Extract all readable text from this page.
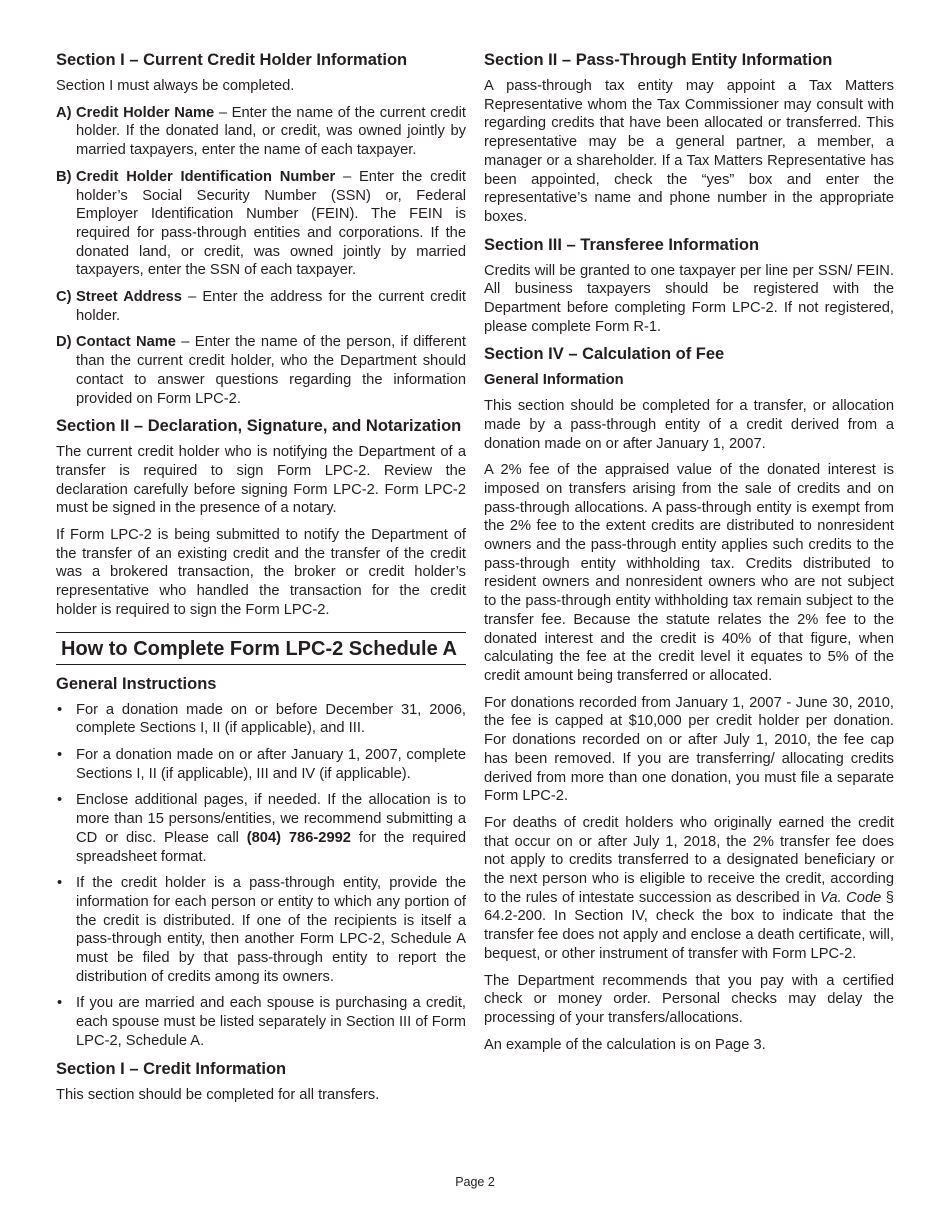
Section I – Current Credit Holder Information

Section I must always be completed.

A) Credit Holder Name – Enter the name of the current credit holder. If the donated land, or credit, was owned jointly by married taxpayers, enter the name of each taxpayer.

B) Credit Holder Identification Number – Enter the credit holder’s Social Security Number (SSN) or, Federal Employer Identification Number (FEIN). The FEIN is required for pass-through entities and corporations. If the donated land, or credit, was owned jointly by married taxpayers, enter the SSN of each taxpayer.

C) Street Address – Enter the address for the current credit holder.

D) Contact Name – Enter the name of the person, if different than the current credit holder, who the Department should contact to answer questions regarding the information provided on Form LPC-2.

Section II – Declaration, Signature, and Notarization

The current credit holder who is notifying the Department of a transfer is required to sign Form LPC-2. Review the declaration carefully before signing Form LPC-2. Form LPC-2 must be signed in the presence of a notary.

If Form LPC-2 is being submitted to notify the Department of the transfer of an existing credit and the transfer of the credit was a brokered transaction, the broker or credit holder’s representative who handled the transaction for the credit holder is required to sign the Form LPC-2.

How to Complete Form LPC-2 Schedule A
General Instructions
• For a donation made on or before December 31, 2006, complete Sections I, II (if applicable), and III.

• For a donation made on or after January 1, 2007, complete Sections I, II (if applicable), III and IV (if applicable).

• Enclose additional pages, if needed. If the allocation is to more than 15 persons/entities, we recommend submitting a CD or disc. Please call (804) 786-2992 for the required spreadsheet format.

• If the credit holder is a pass-through entity, provide the information for each person or entity to which any portion of the credit is distributed. If one of the recipients is itself a pass-through entity, then another Form LPC-2, Schedule A must be filed by that pass-through entity to report the distribution of credits among its owners.

• If you are married and each spouse is purchasing a credit, each spouse must be listed separately in Section III of Form LPC-2, Schedule A.

Section I – Credit Information

This section should be completed for all transfers.

Section II – Pass-Through Entity Information

A pass-through tax entity may appoint a Tax Matters Representative whom the Tax Commissioner may consult with regarding credits that have been allocated or transferred. This representative may be a general partner, a member, a manager or a shareholder. If a Tax Matters Representative has been appointed, check the “yes” box and enter the representative’s name and phone number in the appropriate boxes.

Section III – Transferee Information

Credits will be granted to one taxpayer per line per SSN/ FEIN. All business taxpayers should be registered with the Department before completing Form LPC-2. If not registered, please complete Form R-1.

Section IV – Calculation of Fee
General Information

This section should be completed for a transfer, or allocation made by a pass-through entity of a credit derived from a donation made on or after January 1, 2007.

A 2% fee of the appraised value of the donated interest is imposed on transfers arising from the sale of credits and on pass-through allocations. A pass-through entity is exempt from the 2% fee to the extent credits are distributed to nonresident owners and the pass-through entity applies such credits to the pass-through entity withholding tax. Credits distributed to resident owners and nonresident owners who are not subject to the pass-through entity withholding tax remain subject to the transfer fee. Because the statute relates the 2% fee to the donated interest and the credit is 40% of that figure, when calculating the fee at the credit level it equates to 5% of the credit amount being transferred or allocated.

For donations recorded from January 1, 2007 - June 30, 2010, the fee is capped at $10,000 per credit holder per donation. For donations recorded on or after July 1, 2010, the fee cap has been removed. If you are transferring/ allocating credits derived from more than one donation, you must file a separate Form LPC-2.

For deaths of credit holders who originally earned the credit that occur on or after July 1, 2018, the 2% transfer fee does not apply to credits transferred to a designated beneficiary or the next person who is eligible to receive the credit, according to the rules of intestate succession as described in Va. Code § 64.2-200. In Section IV, check the box to indicate that the transfer fee does not apply and enclose a death certificate, will, bequest, or other instrument of transfer with Form LPC-2.

The Department recommends that you pay with a certified check or money order. Personal checks may delay the processing of your transfers/allocations.

An example of the calculation is on Page 3.

Page 2
